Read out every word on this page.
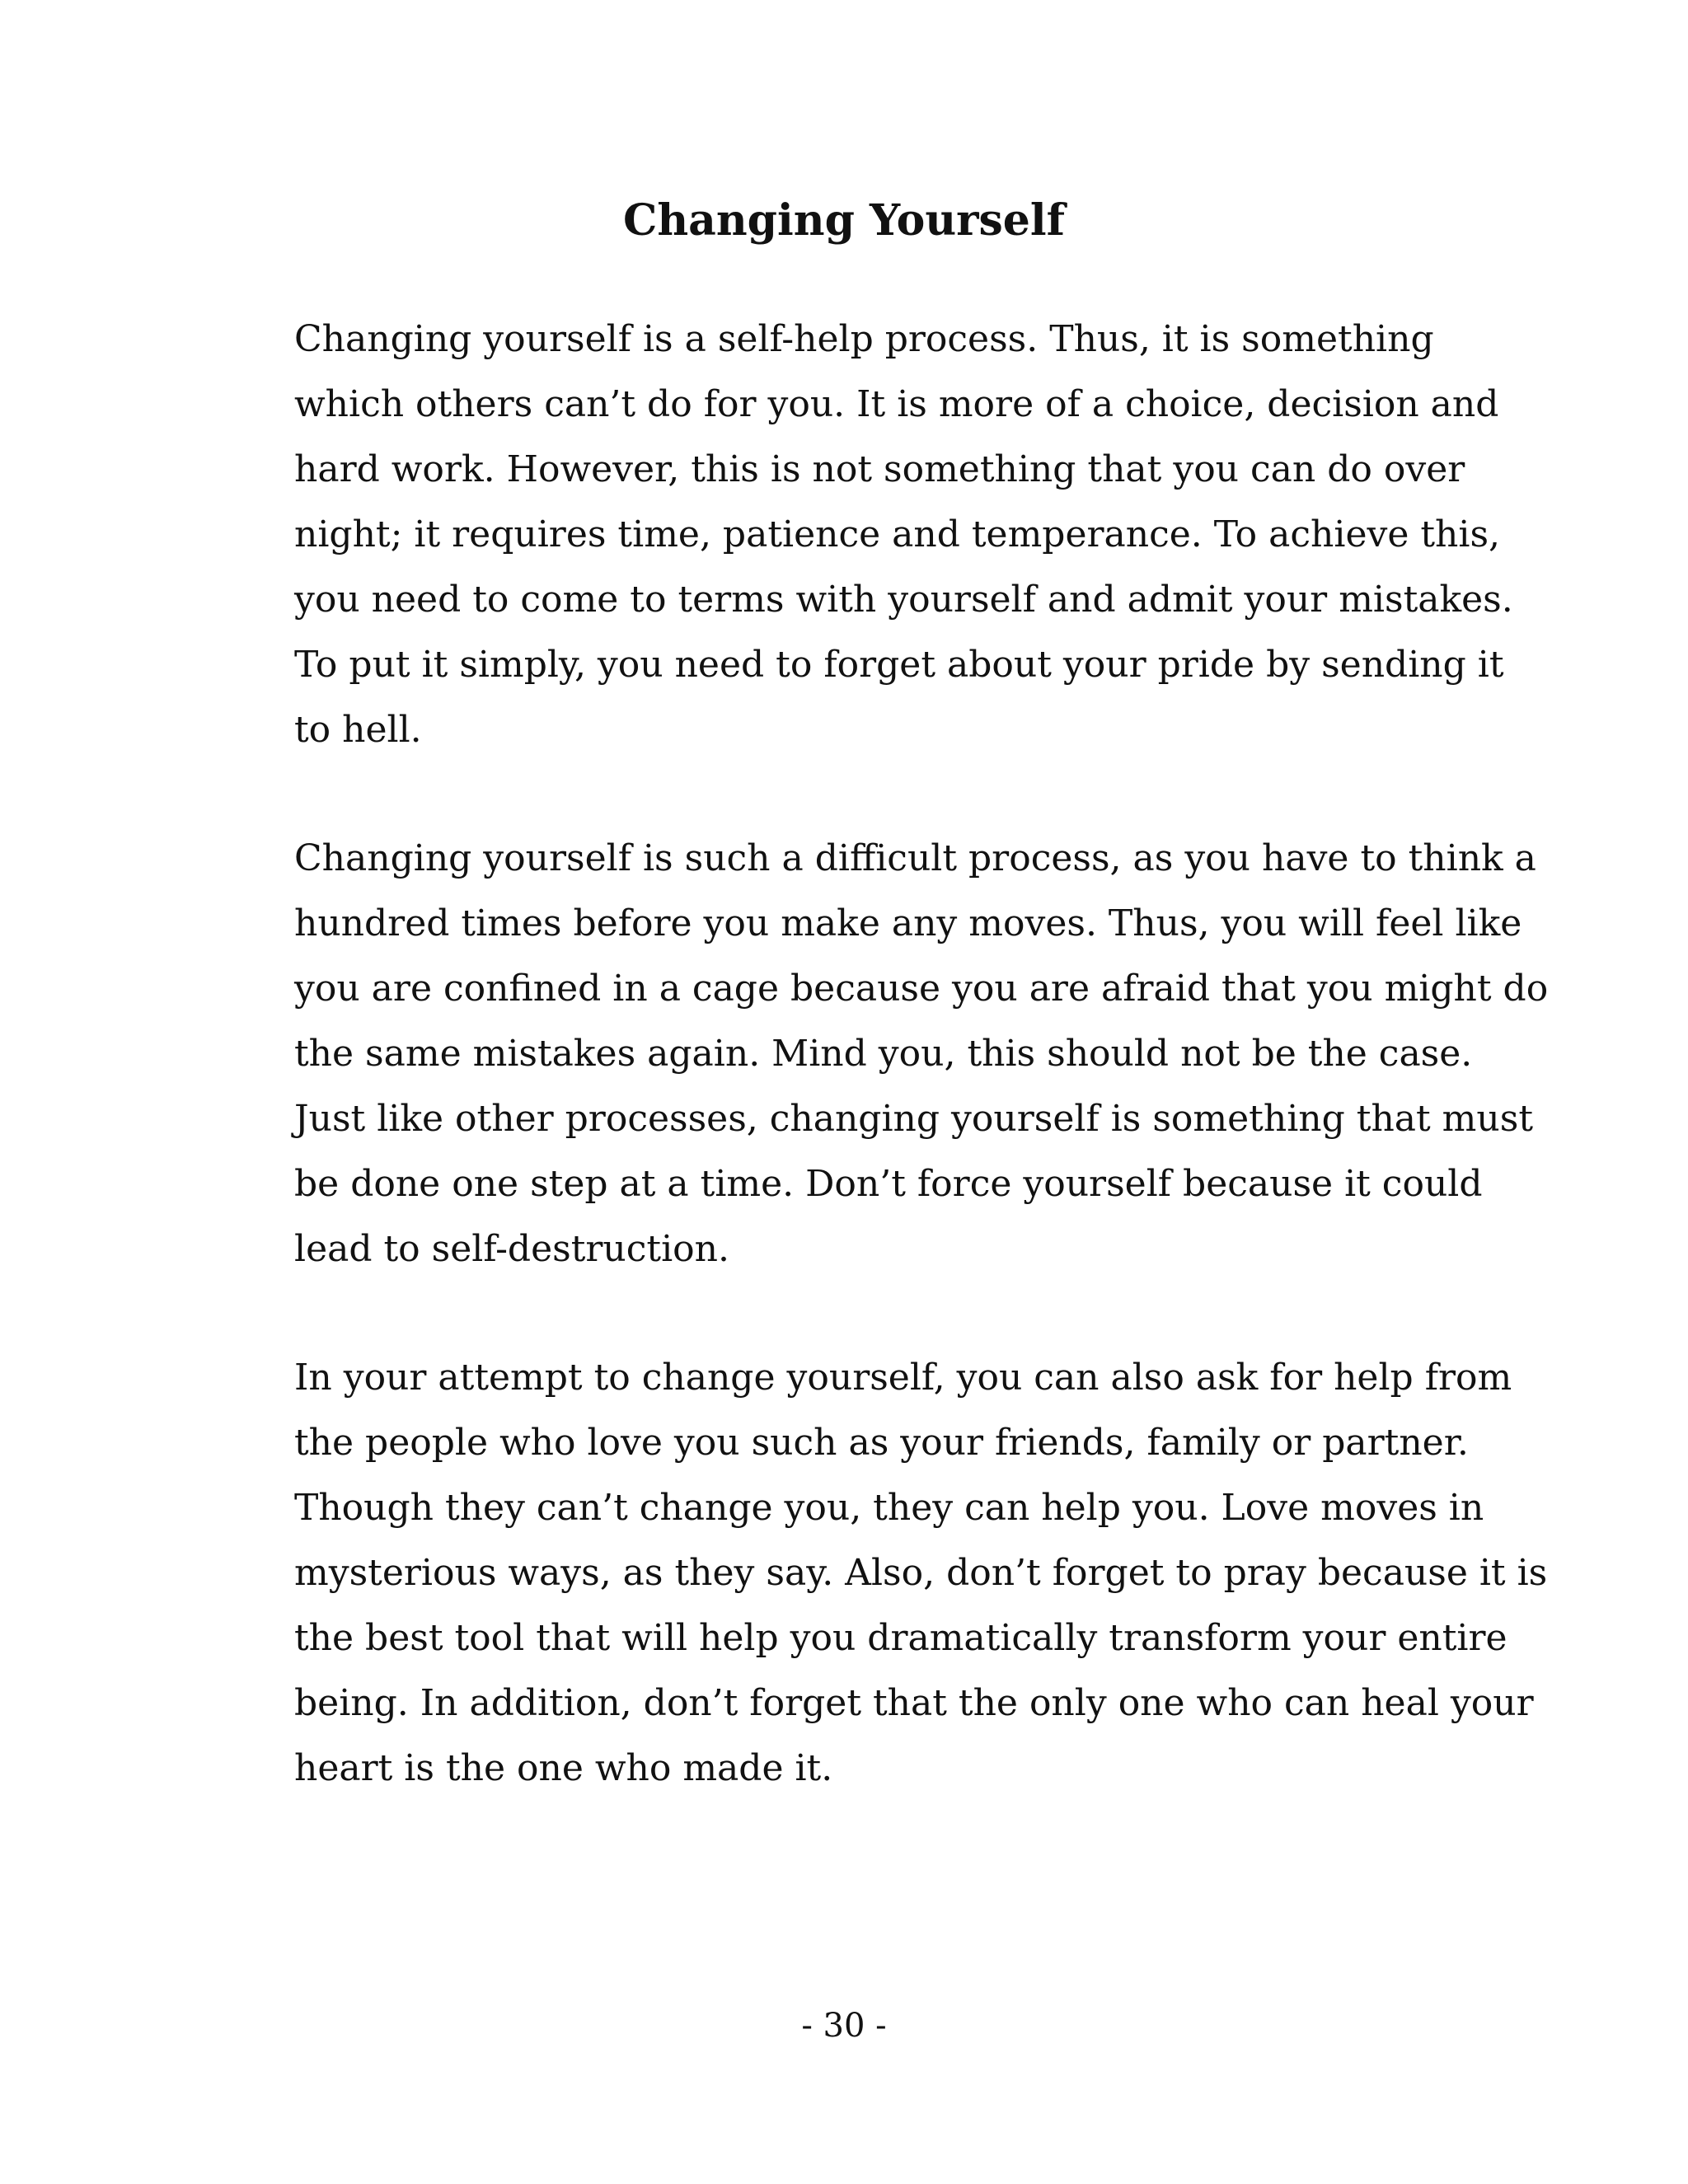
Changing Yourself

Changing yourself is a self-help process. Thus, it is something
which others can’t do for you. It is more of a choice, decision and
hard work. However, this is not something that you can do over
night; it requires time, patience and temperance. To achieve this,
you need to come to terms with yourself and admit your mistakes.
To put it simply, you need to forget about your pride by sending it
to hell.

Changing yourself is such a difficult process, as you have to think a
hundred times before you make any moves. Thus, you will feel like
you are confined in a cage because you are afraid that you might do
the same mistakes again. Mind you, this should not be the case.
Just like other processes, changing yourself is something that must
be done one step at a time. Don’t force yourself because it could
lead to self-destruction.

In your attempt to change yourself, you can also ask for help from
the people who love you such as your friends, family or partner.
Though they can’t change you, they can help you. Love moves in
mysterious ways, as they say. Also, don’t forget to pray because it is
the best tool that will help you dramatically transform your entire
being. In addition, don’t forget that the only one who can heal your
heart is the one who made it.

- 30 -
